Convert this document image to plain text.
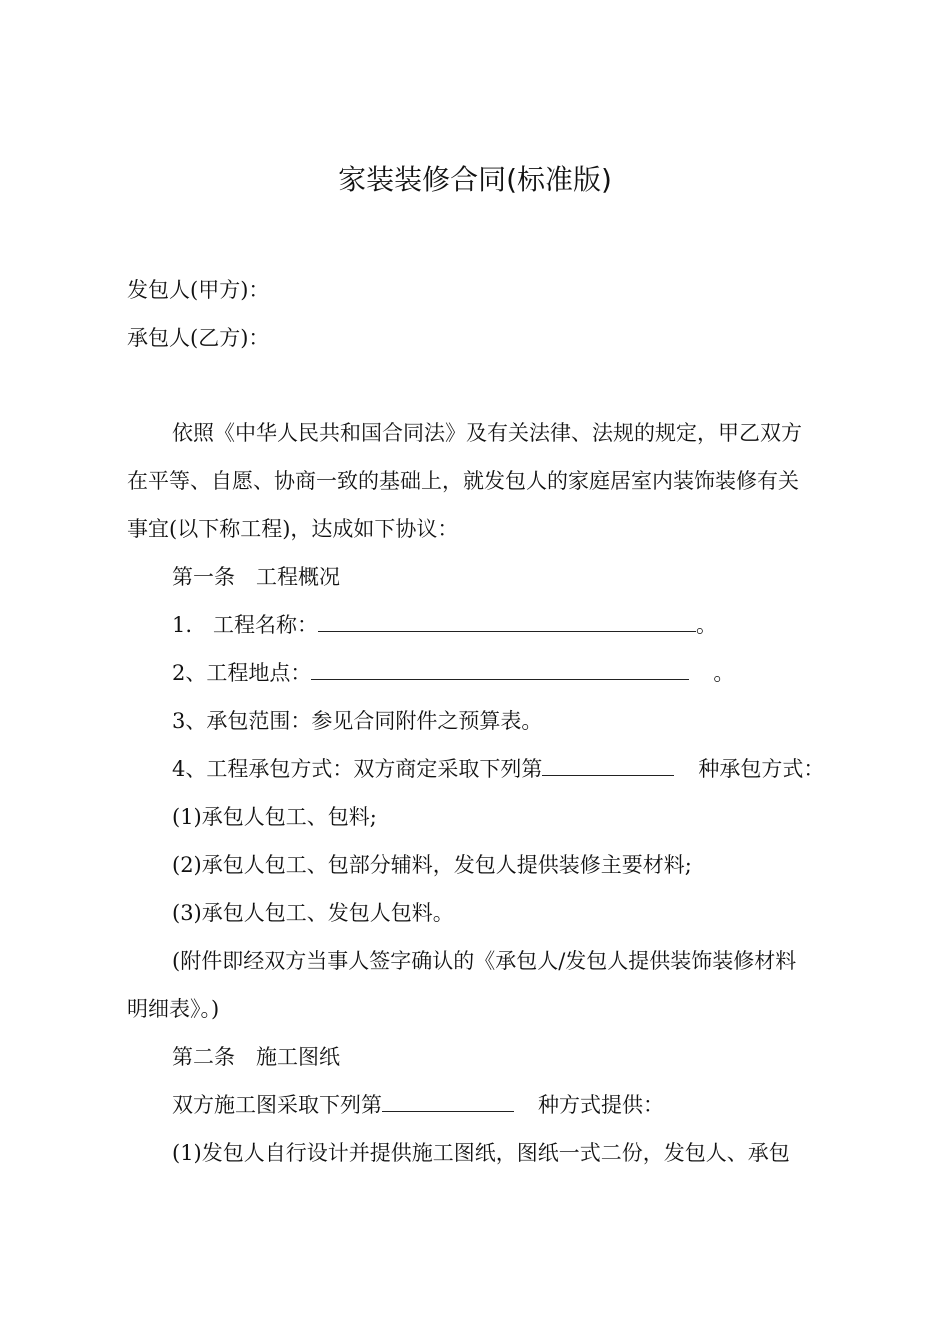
家装装修合同(标准版)
发包人(甲方)：
承包人(乙方)：
依照《中华人民共和国合同法》及有关法律、法规的规定，甲乙双方
在平等、自愿、协商一致的基础上，就发包人的家庭居室内装饰装修有关
事宜(以下称工程)，达成如下协议：
第一条　工程概况
1.　工程名称：	。
2、工程地点：	。
3、承包范围：参见合同附件之预算表。
4、工程承包方式：双方商定采取下列第	种承包方式：
(1)承包人包工、包料;
(2)承包人包工、包部分辅料，发包人提供装修主要材料;
(3)承包人包工、发包人包料。
(附件即经双方当事人签字确认的《承包人/发包人提供装饰装修材料
明细表》。)
第二条　施工图纸
双方施工图采取下列第	种方式提供：
(1)发包人自行设计并提供施工图纸，图纸一式二份，发包人、承包
